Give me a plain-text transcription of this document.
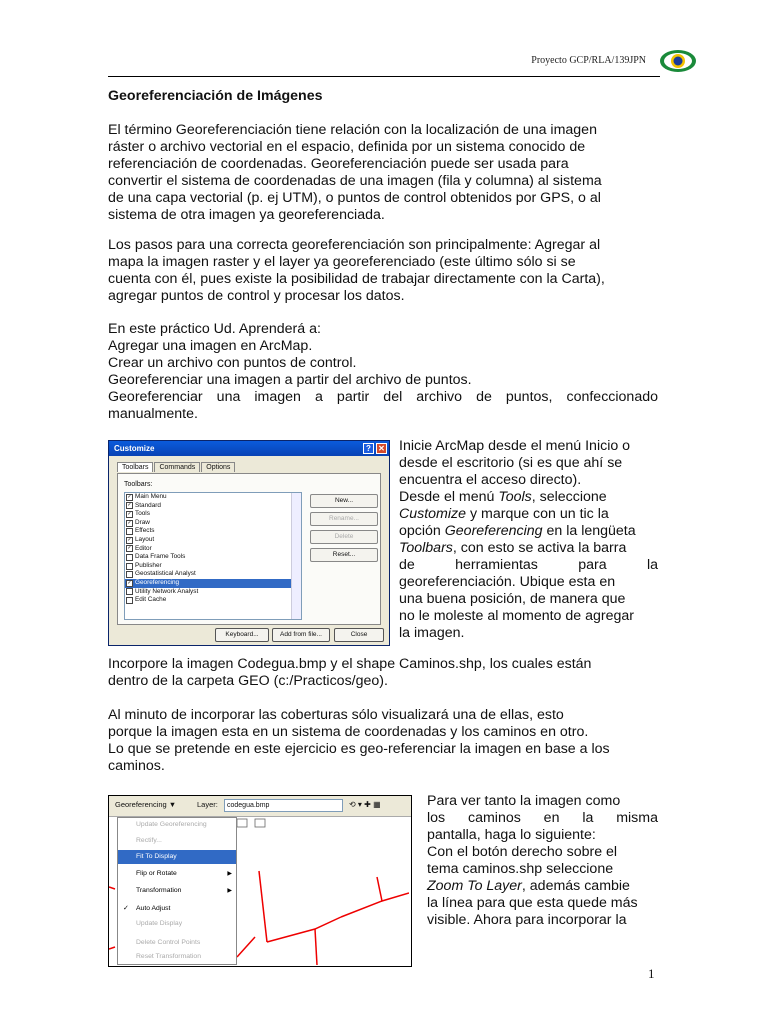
Proyecto GCP/RLA/139JPN
Georeferenciación de Imágenes
El término Georeferenciación tiene relación con la localización de una imagen
ráster o archivo vectorial en el espacio, definida por un sistema conocido de
referenciación de coordenadas. Georeferenciación puede ser usada para
convertir el sistema de coordenadas de una imagen (fila y columna) al sistema
de una capa vectorial (p. ej UTM), o puntos de control obtenidos por GPS, o al
sistema de otra imagen ya georeferenciada.
Los pasos para una correcta georeferenciación son principalmente: Agregar al
mapa la imagen raster y el layer ya georeferenciado (este último sólo si se
cuenta con él, pues existe la posibilidad de trabajar directamente con la Carta),
agregar puntos de control y procesar los datos.
En este práctico Ud. Aprenderá a:
Agregar una imagen en ArcMap.
Crear un archivo con puntos de control.
Georeferenciar una imagen a partir del archivo de puntos.
Georeferenciar una imagen a partir del archivo de puntos, confeccionado
manualmente.
Customize	? ✕
Toolbars	Commands	Options
Toolbars:
✓ Main Menu
✓ Standard
✓ Tools
✓ Draw
Effects
✓ Layout
✓ Editor
Data Frame Tools
Publisher
Geostatistical Analyst
✓ Georeferencing
Utility Network Analyst
Edit Cache
New...
Rename...
Delete
Reset...
Keyboard...	Add from file...	Close
Inicie ArcMap desde el menú Inicio o
desde el escritorio (si es que ahí se
encuentra el acceso directo).
Desde el menú Tools, seleccione
Customize y marque con un tic la
opción Georeferencing en la lengüeta
Toolbars, con esto se activa la barra
de herramientas para la
georeferenciación. Ubique esta en
una buena posición, de manera que
no le moleste al momento de agregar
la imagen.
Incorpore la imagen Codegua.bmp y el shape Caminos.shp, los cuales están
dentro de la carpeta GEO (c:/Practicos/geo).
Al minuto de incorporar las coberturas sólo visualizará una de ellas, esto
porque la imagen esta en un sistema de coordenadas y los caminos en otro.
Lo que se pretende en este ejercicio es geo-referenciar la imagen en base a los
caminos.
Georeferencing ▼	Layer:	codegua.bmp	⟲ ▾ ✚ ▦
Update Georeferencing
Rectify...
Fit To Display
Flip or Rotate	▶
Transformation	▶
✓ Auto Adjust
Update Display
Delete Control Points
Reset Transformation
Para ver tanto la imagen como
los caminos en la misma
pantalla, haga lo siguiente:
Con el botón derecho sobre el
tema caminos.shp seleccione
Zoom To Layer, además cambie
la línea para que esta quede más
visible. Ahora para incorporar la
1
